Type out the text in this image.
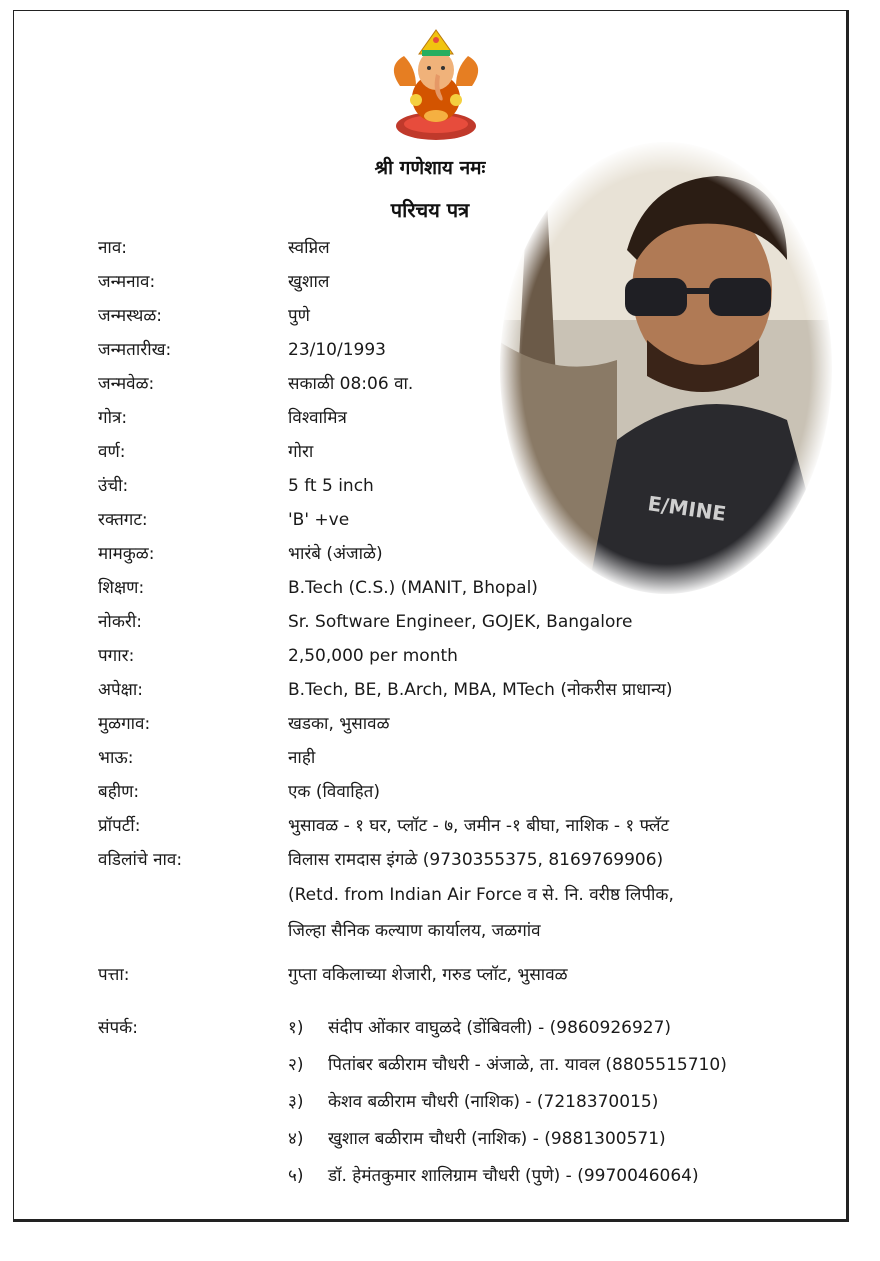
श्री गणेशाय नमः
परिचय पत्र
नाव:	स्वप्निल
जन्मनाव:	खुशाल
जन्मस्थळ:	पुणे
जन्मतारीख:	23/10/1993
जन्मवेळ:	सकाळी 08:06 वा.
गोत्र:	विश्वामित्र
वर्ण:	गोरा
उंची:	5 ft 5 inch
रक्तगट:	'B' +ve
मामकुळ:	भारंबे (अंजाळे)
शिक्षण:	B.Tech (C.S.) (MANIT, Bhopal)
नोकरी:	Sr. Software Engineer, GOJEK, Bangalore
पगार:	2,50,000 per month
अपेक्षा:	B.Tech, BE, B.Arch, MBA, MTech (नोकरीस प्राधान्य)
मुळगाव:	खडका, भुसावळ
भाऊ:	नाही
बहीण:	एक (विवाहित)
प्रॉपर्टी:	भुसावळ - १ घर, प्लॉट - ७, जमीन -१ बीघा, नाशिक - १ फ्लॅट
वडिलांचे नाव:	विलास रामदास इंगळे (9730355375, 8169769906)
(Retd. from Indian Air Force व से. नि. वरीष्ठ लिपीक,
जिल्हा सैनिक कल्याण कार्यालय, जळगांव
पत्ता:	गुप्ता वकिलाच्या शेजारी, गरुड प्लॉट, भुसावळ
संपर्क:	१) संदीप ओंकार वाघुळदे (डोंबिवली) - (9860926927)
२) पितांबर बळीराम चौधरी - अंजाळे, ता. यावल (8805515710)
३) केशव बळीराम चौधरी (नाशिक) - (7218370015)
४) खुशाल बळीराम चौधरी (नाशिक) - (9881300571)
५) डॉ. हेमंतकुमार शालिग्राम चौधरी (पुणे) - (9970046064)
